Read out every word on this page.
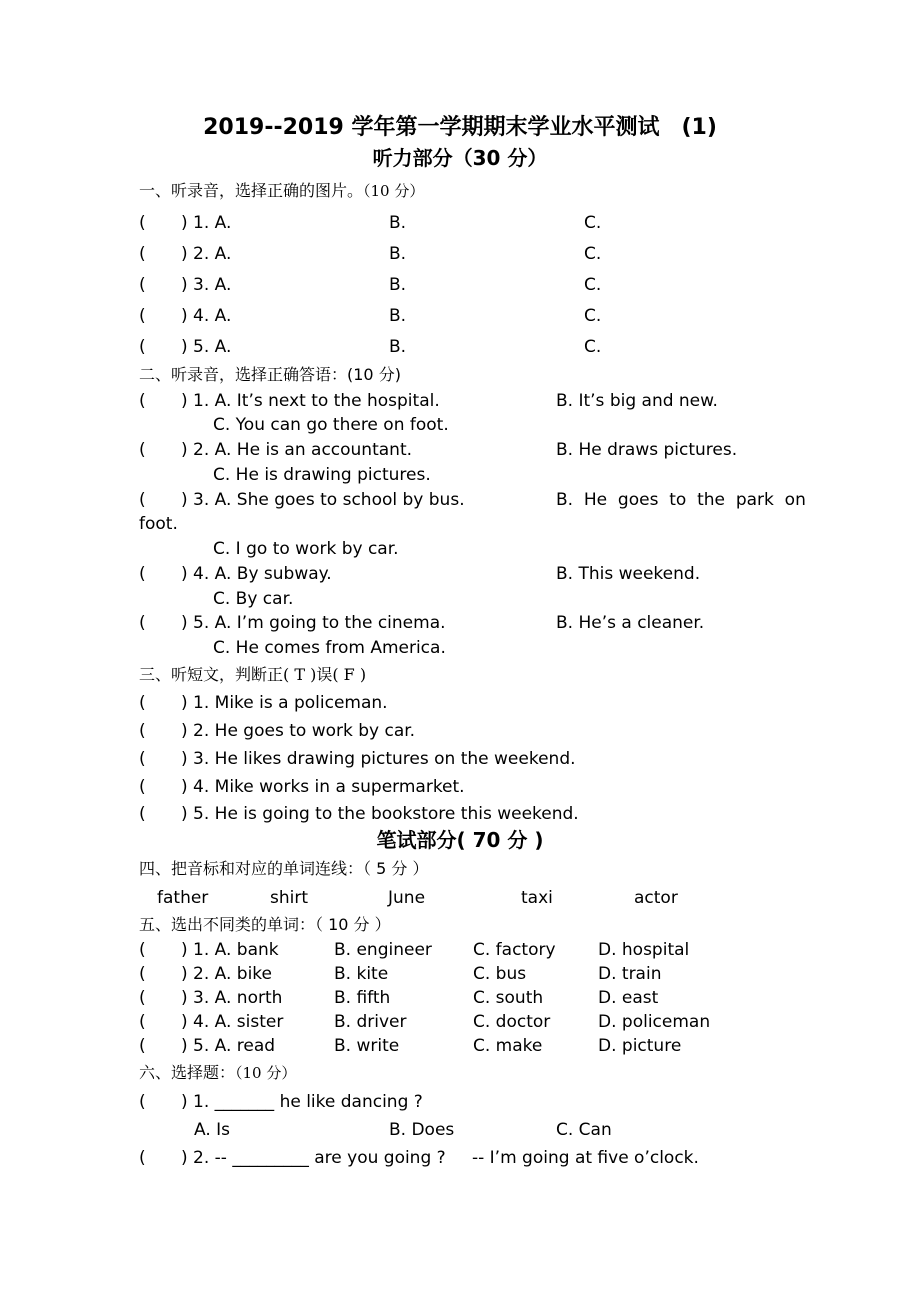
2019--2019 学年第一学期期末学业水平测试　(1)
听力部分（30 分）
一、听录音，选择正确的图片。（10 分）
( ) 1. A.	B.	C.
( ) 2. A.	B.	C.
( ) 3. A.	B.	C.
( ) 4. A.	B.	C.
( ) 5. A.	B.	C.
二、听录音，选择正确答语：(10 分)
( ) 1. A. It’s next to the hospital.	B. It’s big and new.
C. You can go there on foot.
( ) 2. A. He is an accountant.	B. He draws pictures.
C. He is drawing pictures.
( ) 3. A. She goes to school by bus.	B.  He  goes  to  the  park  on
foot.
C. I go to work by car.
( ) 4. A. By subway.	B. This weekend.
C. By car.
( ) 5. A. I’m going to the cinema.	B. He’s a cleaner.
C. He comes from America.
三、听短文，判断正( T )误( F )
( ) 1. Mike is a policeman.
( ) 2. He goes to work by car.
( ) 3. He likes drawing pictures on the weekend.
( ) 4. Mike works in a supermarket.
( ) 5. He is going to the bookstore this weekend.
笔试部分( 70 分 )
四、把音标和对应的单词连线：（ 5 分 ）
father	shirt	June	taxi	actor
五、选出不同类的单词：（ 10 分 ）
( ) 1. A. bank	B. engineer C. factory D. hospital
( ) 2. A. bike	B. kite	C. bus	D. train
( ) 3. A. north	B. fifth	C. south	D. east
( ) 4. A. sister	B. driver	C. doctor	D. policeman
( ) 5. A. read	B. write	C. make	D. picture
六、选择题：（10 分）
( ) 1. _______ he like dancing ?
A. Is	B. Does	C. Can
( ) 2. -- _________ are you going ? -- I’m going at five o’clock.
